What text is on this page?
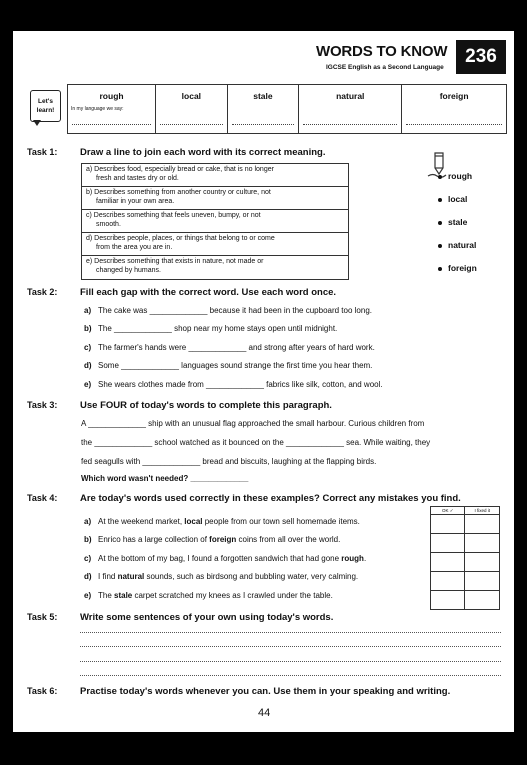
WORDS TO KNOW
IGCSE English as a Second Language
236
Let's
learn!
rough
In my language we say:

local	stale	natural	foreign
Task 1: Draw a line to join each word with its correct meaning.
a) Describes food, especially bread or cake, that is no longer
fresh and tastes dry or old.
b) Describes something from another country or culture, not
familiar in your own area.
c) Describes something that feels uneven, bumpy, or not
smooth.
d) Describes people, places, or things that belong to or come
from the area you are in.
e) Describes something that exists in nature, not made or
changed by humans.
rough
local
stale
natural
foreign
Task 2: Fill each gap with the correct word. Use each word once.
a) The cake was _____________ because it had been in the cupboard too long.
b) The _____________ shop near my home stays open until midnight.
c) The farmer's hands were _____________ and strong after years of hard work.
d) Some _____________ languages sound strange the first time you hear them.
e) She wears clothes made from _____________ fabrics like silk, cotton, and wool.
Task 3: Use FOUR of today's words to complete this paragraph.
A _____________ ship with an unusual flag approached the small harbour. Curious children from
the _____________ school watched as it bounced on the _____________ sea. While waiting, they
fed seagulls with _____________ bread and biscuits, laughing at the flapping birds.
Which word wasn't needed? _____________
Task 4: Are today's words used correctly in these examples? Correct any mistakes you find.
OK ✓	I fixed it

a) At the weekend market, local people from our town sell homemade items.
b) Enrico has a large collection of foreign coins from all over the world.
c) At the bottom of my bag, I found a forgotten sandwich that had gone rough.
d) I find natural sounds, such as birdsong and bubbling water, very calming.
e) The stale carpet scratched my knees as I crawled under the table.
Task 5: Write some sentences of your own using today's words.
Task 6: Practise today's words whenever you can. Use them in your speaking and writing.
44
